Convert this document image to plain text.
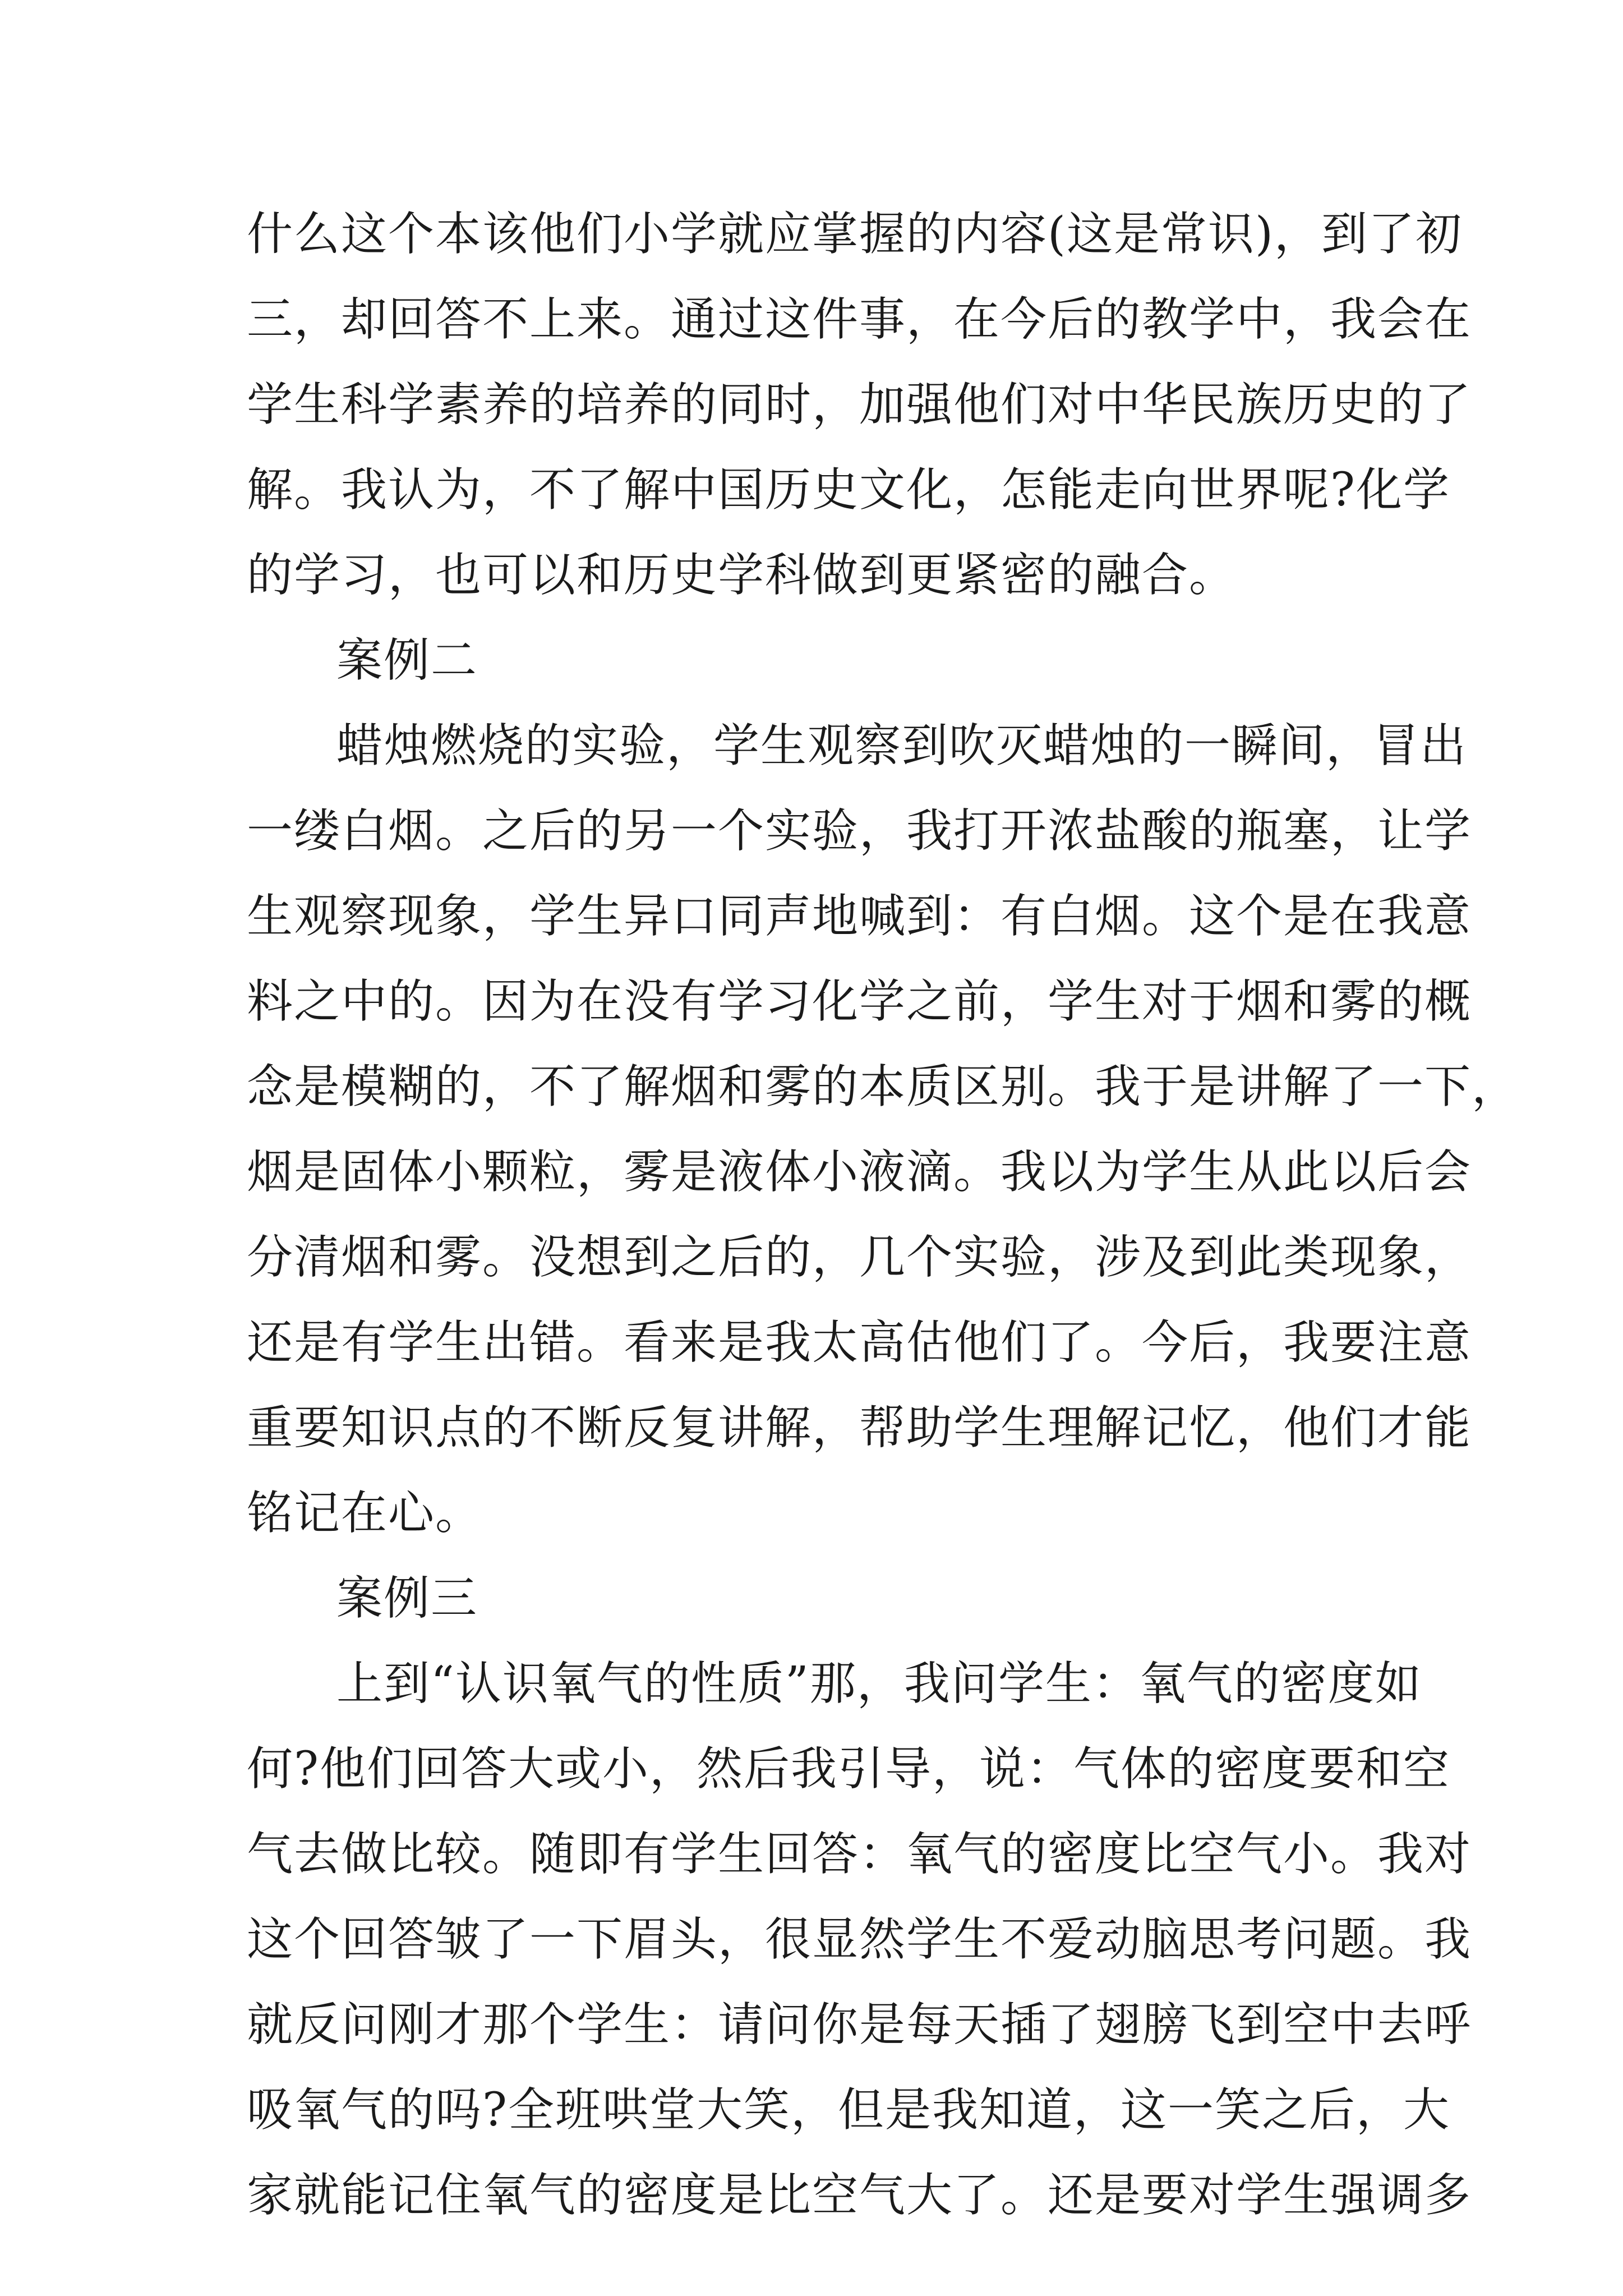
什么这个本该他们小学就应掌握的内容(这是常识)，到了初
三，却回答不上来。通过这件事，在今后的教学中，我会在
学生科学素养的培养的同时，加强他们对中华民族历史的了
解。我认为，不了解中国历史文化，怎能走向世界呢?化学
的学习，也可以和历史学科做到更紧密的融合。
案例二
蜡烛燃烧的实验，学生观察到吹灭蜡烛的一瞬间，冒出
一缕白烟。之后的另一个实验，我打开浓盐酸的瓶塞，让学
生观察现象，学生异口同声地喊到：有白烟。这个是在我意
料之中的。因为在没有学习化学之前，学生对于烟和雾的概
念是模糊的，不了解烟和雾的本质区别。我于是讲解了一下，
烟是固体小颗粒，雾是液体小液滴。我以为学生从此以后会
分清烟和雾。没想到之后的，几个实验，涉及到此类现象，
还是有学生出错。看来是我太高估他们了。今后，我要注意
重要知识点的不断反复讲解，帮助学生理解记忆，他们才能
铭记在心。
案例三
上到“认识氧气的性质”那，我问学生：氧气的密度如
何?他们回答大或小，然后我引导，说：气体的密度要和空
气去做比较。随即有学生回答：氧气的密度比空气小。我对
这个回答皱了一下眉头，很显然学生不爱动脑思考问题。我
就反问刚才那个学生：请问你是每天插了翅膀飞到空中去呼
吸氧气的吗?全班哄堂大笑，但是我知道，这一笑之后，大
家就能记住氧气的密度是比空气大了。还是要对学生强调多
